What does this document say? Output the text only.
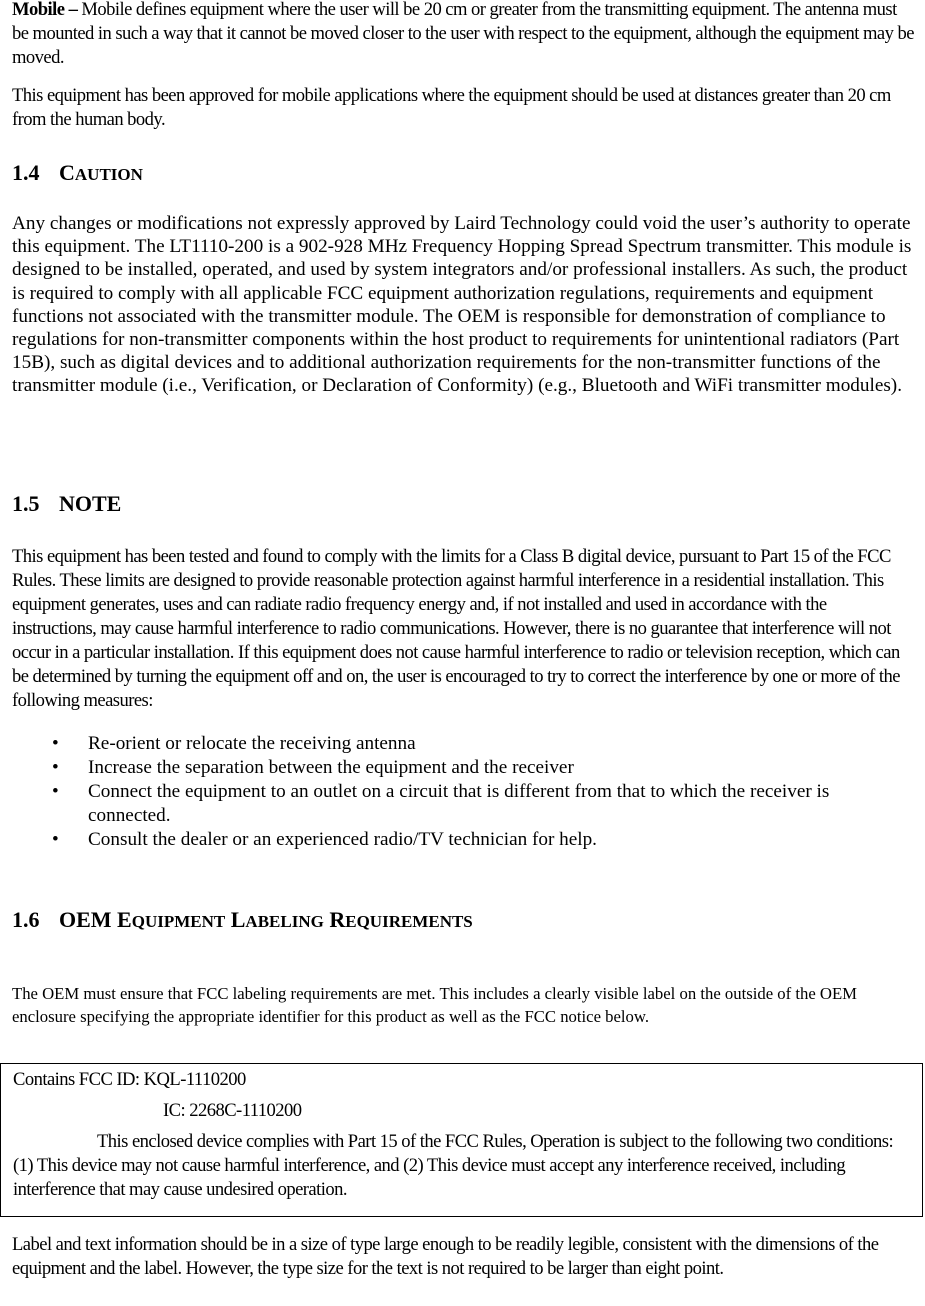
Mobile – Mobile defines equipment where the user will be 20 cm or greater from the transmitting equipment. The antenna must be mounted in such a way that it cannot be moved closer to the user with respect to the equipment, although the equipment may be moved.

This equipment has been approved for mobile applications where the equipment should be used at distances greater than 20 cm from the human body.

1.4 CAUTION

Any changes or modifications not expressly approved by Laird Technology could void the user’s authority to operate this equipment. The LT1110-200 is a 902-928 MHz Frequency Hopping Spread Spectrum transmitter. This module is designed to be installed, operated, and used by system integrators and/or professional installers. As such, the product is required to comply with all applicable FCC equipment authorization regulations, requirements and equipment functions not associated with the transmitter module. The OEM is responsible for demonstration of compliance to regulations for non-transmitter components within the host product to requirements for unintentional radiators (Part 15B), such as digital devices and to additional authorization requirements for the non-transmitter functions of the transmitter module (i.e., Verification, or Declaration of Conformity) (e.g., Bluetooth and WiFi transmitter modules).

1.5 NOTE

This equipment has been tested and found to comply with the limits for a Class B digital device, pursuant to Part 15 of the FCC Rules. These limits are designed to provide reasonable protection against harmful interference in a residential installation. This equipment generates, uses and can radiate radio frequency energy and, if not installed and used in accordance with the instructions, may cause harmful interference to radio communications. However, there is no guarantee that interference will not occur in a particular installation. If this equipment does not cause harmful interference to radio or television reception, which can be determined by turning the equipment off and on, the user is encouraged to try to correct the interference by one or more of the following measures:

• Re-orient or relocate the receiving antenna
• Increase the separation between the equipment and the receiver
• Connect the equipment to an outlet on a circuit that is different from that to which the receiver is connected.
• Consult the dealer or an experienced radio/TV technician for help.
1.6 OEM EQUIPMENT LABELING REQUIREMENTS

The OEM must ensure that FCC labeling requirements are met. This includes a clearly visible label on the outside of the OEM enclosure specifying the appropriate identifier for this product as well as the FCC notice below.

Label and text information should be in a size of type large enough to be readily legible, consistent with the dimensions of the equipment and the label. However, the type size for the text is not required to be larger than eight point.

Contains FCC ID: KQL-1110200
IC: 2268C-1110200
This enclosed device complies with Part 15 of the FCC Rules, Operation is subject to the following two conditions: (1) This device may not cause harmful interference, and (2) This device must accept any interference received, including interference that may cause undesired operation.
